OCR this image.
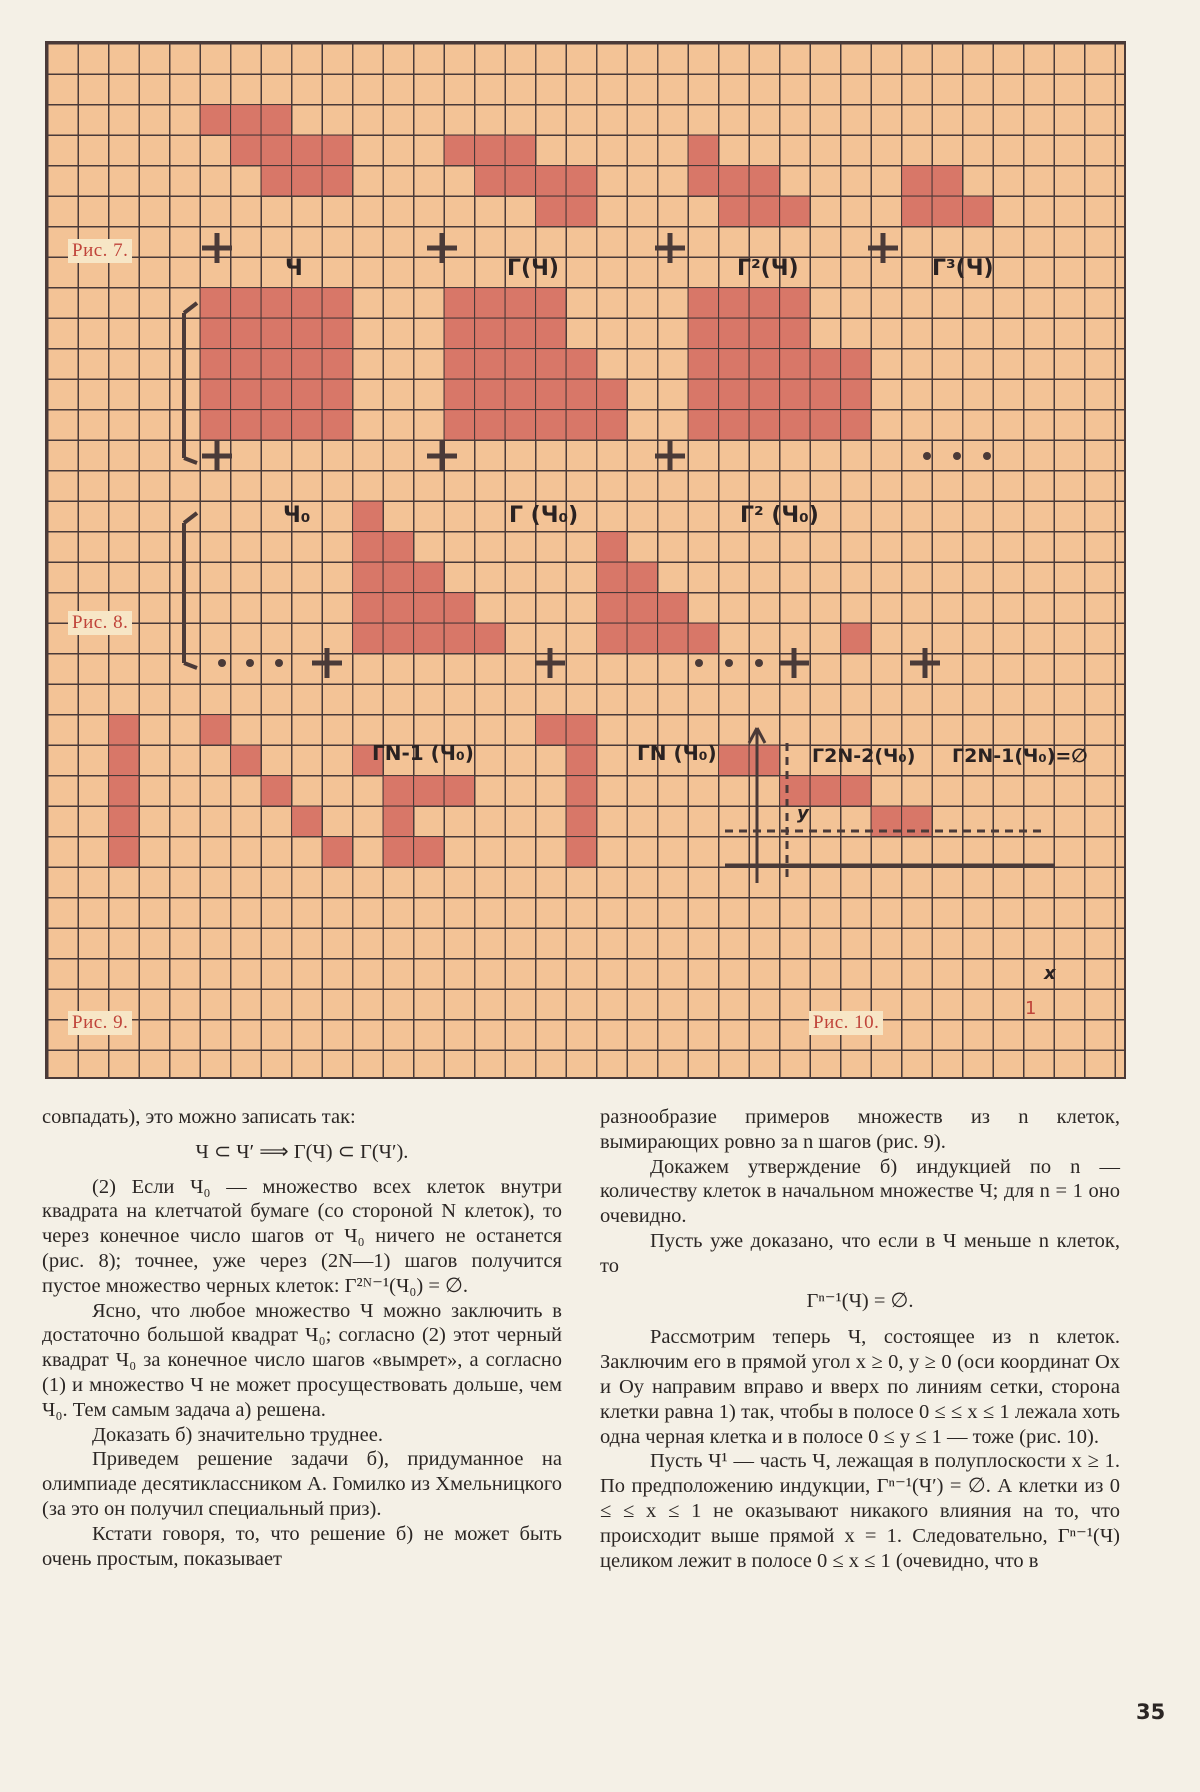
Рис. 7.
Рис. 8.
Рис. 9.	Рис. 10.
Ч	Г(Ч)	Г²(Ч)	Г³(Ч)
Ч₀	Г (Ч₀)	Г² (Ч₀)
ГN-1 (Ч₀)	ГN (Ч₀)	Г2N-2(Ч₀) Г2N-1(Ч₀)=∅
y
x
1

совпадать), это можно записать так:

Ч ⊂ Ч′ ⟹ Г(Ч) ⊂ Г(Ч′).

(2) Если Ч₀ — множество всех клеток внутри квадрата на клетчатой бумаге (со стороной N клеток), то через конечное число шагов от Ч₀ ничего не останется (рис. 8); точнее, уже через (2N—1) шагов получится пустое множество черных клеток: Г²ᴺ⁻¹(Ч₀) = ∅.

Ясно, что любое множество Ч можно заключить в достаточно большой квадрат Ч₀; согласно (2) этот черный квадрат Ч₀ за конечное число шагов «вымрет», а согласно (1) и множество Ч не может просуществовать дольше, чем Ч₀. Тем самым задача а) решена.

Доказать б) значительно труднее.

Приведем решение задачи б), придуманное на олимпиаде десятиклассником А. Гомилко из Хмельницкого (за это он получил специальный приз).

Кстати говоря, то, что решение б) не может быть очень простым, показывает

разнообразие примеров множеств из n клеток, вымирающих ровно за n шагов (рис. 9).

Докажем утверждение б) индукцией по n — количеству клеток в начальном множестве Ч; для n = 1 оно очевидно.

Пусть уже доказано, что если в Ч меньше n клеток, то

Гⁿ⁻¹(Ч) = ∅.

Рассмотрим теперь Ч, состоящее из n клеток. Заключим его в прямой угол x ≥ 0, y ≥ 0 (оси координат Ox и Oy направим вправо и вверх по линиям сетки, сторона клетки равна 1) так, чтобы в полосе 0 ≤ ≤ x ≤ 1 лежала хоть одна черная клетка и в полосе 0 ≤ y ≤ 1 — тоже (рис. 10).

Пусть Ч¹ — часть Ч, лежащая в полуплоскости x ≥ 1. По предположению индукции, Гⁿ⁻¹(Ч′) = ∅. А клетки из 0 ≤ ≤ x ≤ 1 не оказывают никакого влияния на то, что происходит выше прямой x = 1. Следовательно, Гⁿ⁻¹(Ч) целиком лежит в полосе 0 ≤ x ≤ 1 (очевидно, что в

35
